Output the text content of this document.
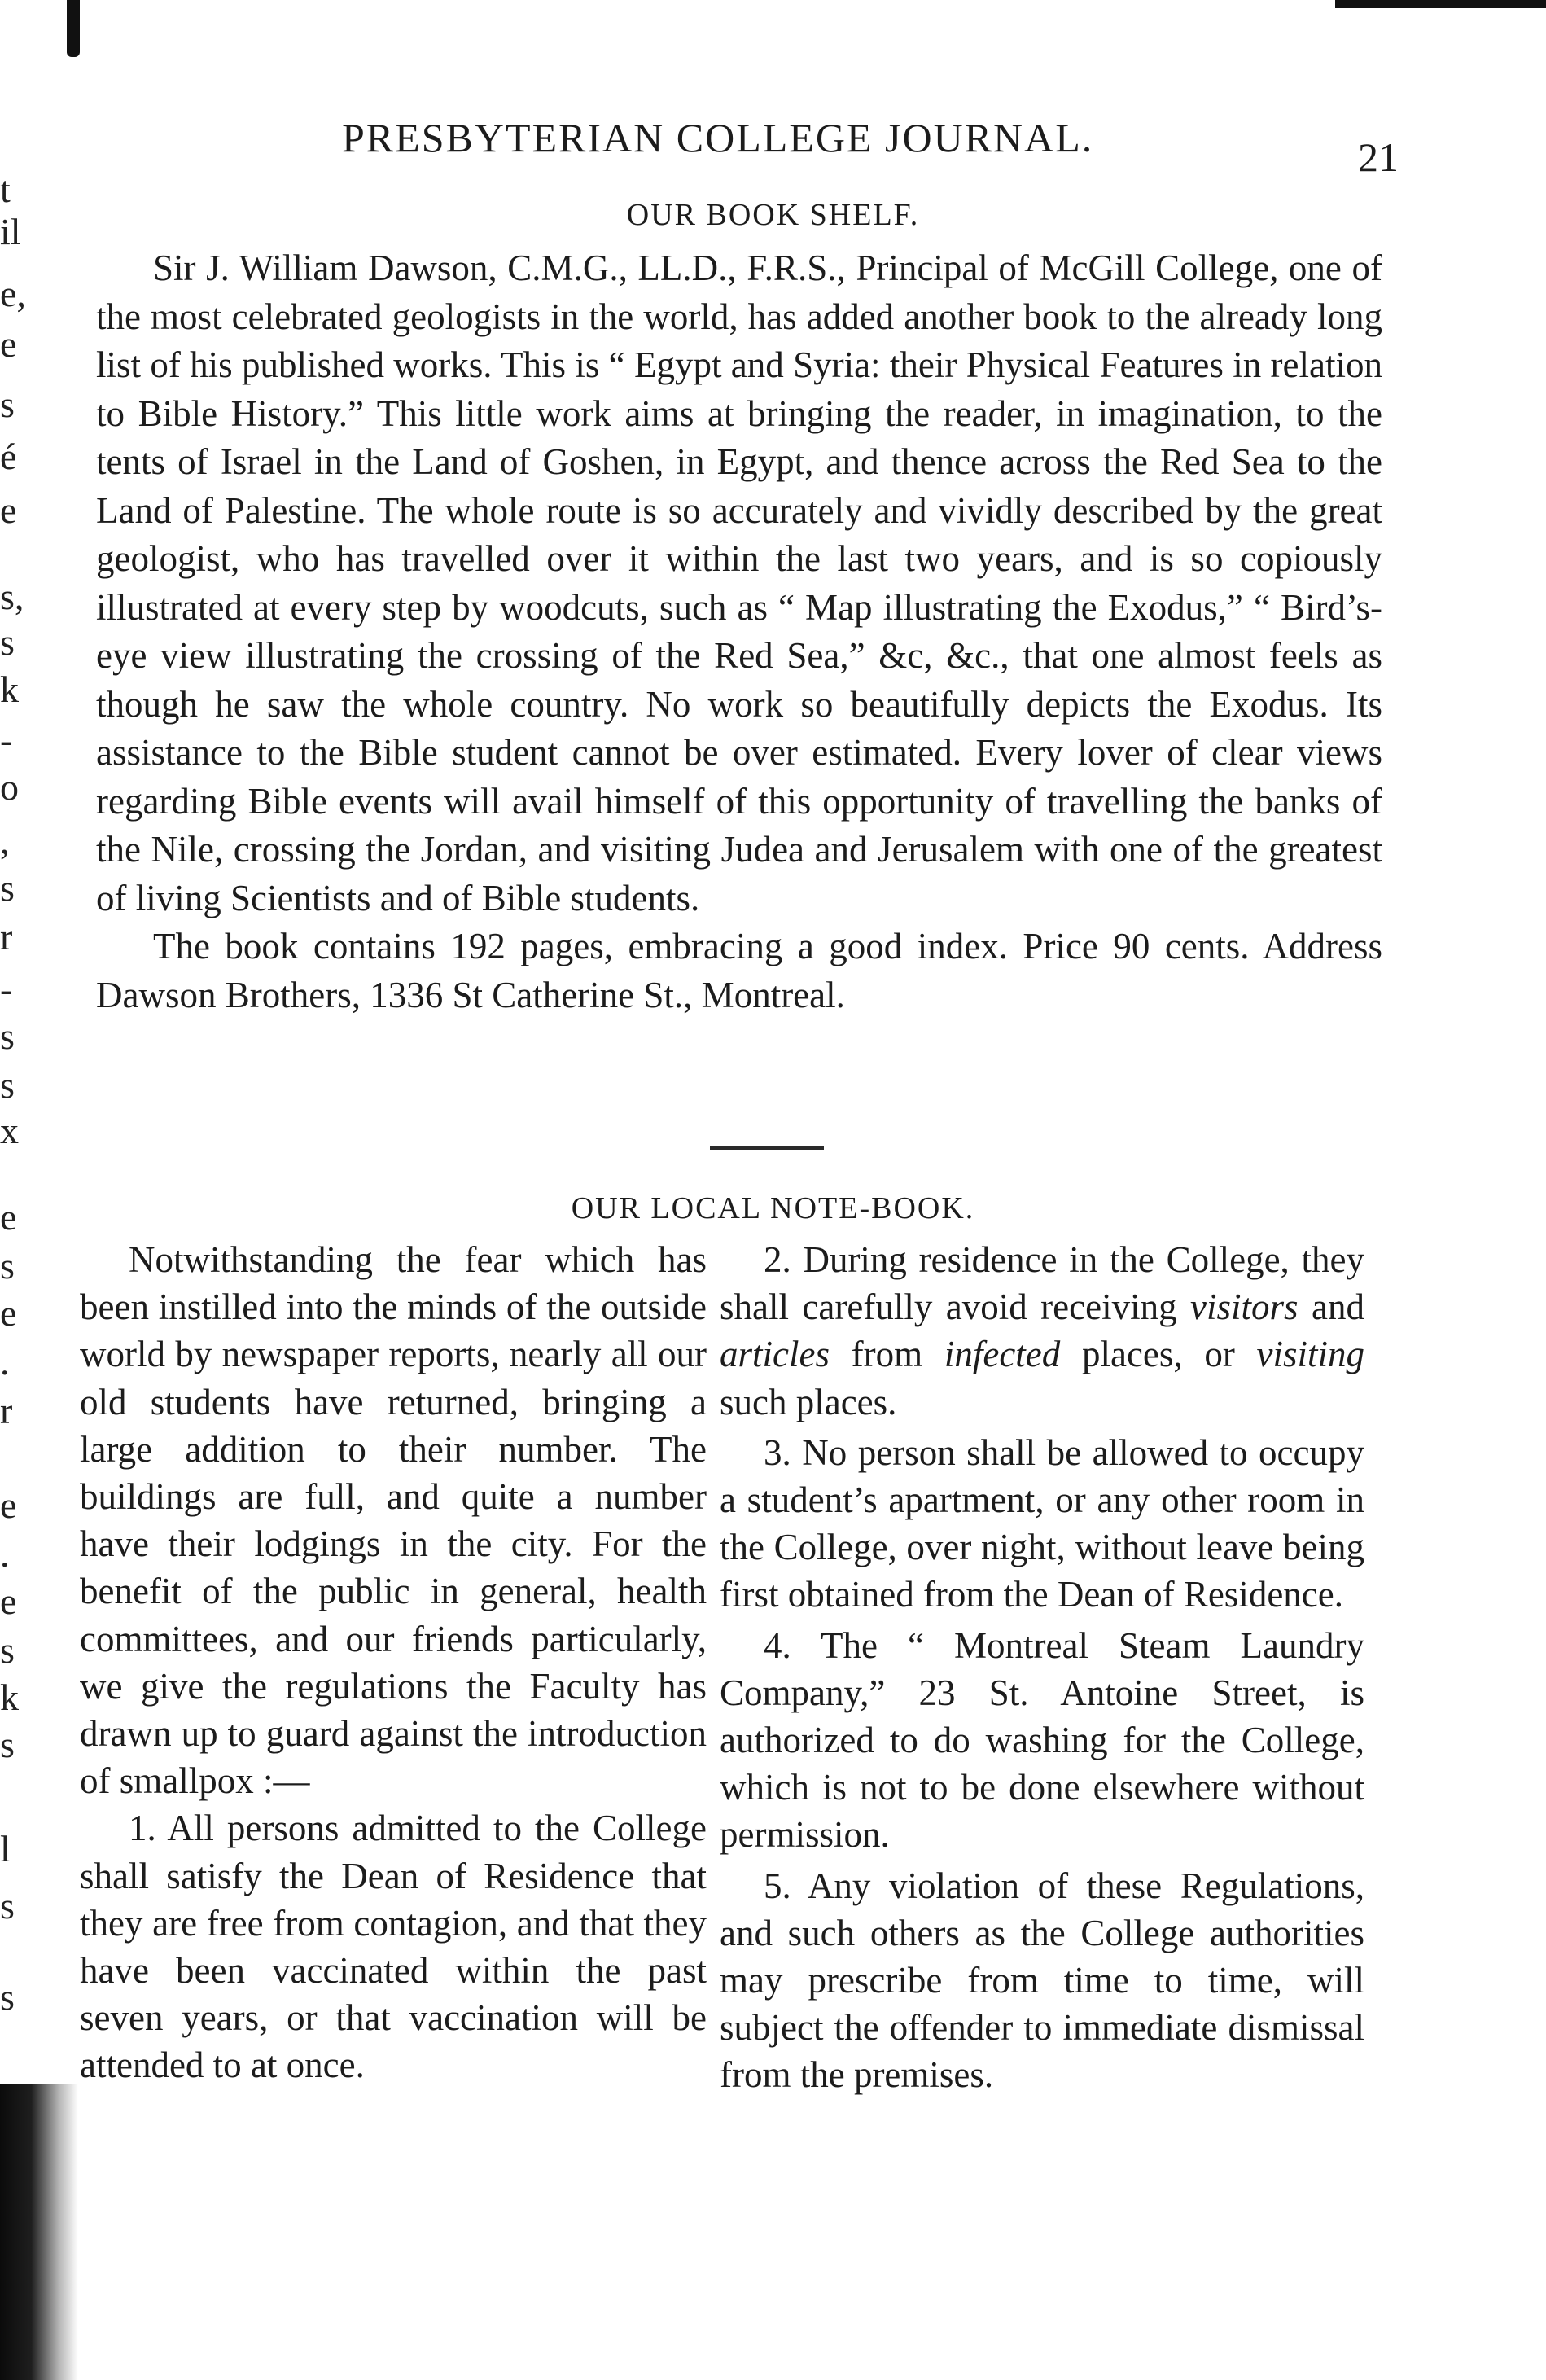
t
il
e,
e
s
é
e
s,
s
k
-
o
,
s
r
-
s
s
x
e
s
e
.
r
e
.
e
s
k
s
l
s
s
PRESBYTERIAN COLLEGE JOURNAL.	21
OUR BOOK SHELF.

Sir J. William Dawson, C.M.G., LL.D., F.R.S., Principal of McGill College, one of the most celebrated geologists in the world, has added another book to the already long list of his published works. This is “ Egypt and Syria: their Physical Features in relation to Bible History.” This little work aims at bringing the reader, in imagination, to the tents of Israel in the Land of Goshen, in Egypt, and thence across the Red Sea to the Land of Palestine. The whole route is so accurately and vividly described by the great geologist, who has travelled over it within the last two years, and is so copiously illustrated at every step by woodcuts, such as “ Map illustrating the Exodus,” “ Bird’s-eye view illustrating the crossing of the Red Sea,” &c, &c., that one almost feels as though he saw the whole country. No work so beautifully depicts the Exodus. Its assistance to the Bible student cannot be over estimated. Every lover of clear views regarding Bible events will avail himself of this opportunity of travelling the banks of the Nile, crossing the Jordan, and visiting Judea and Jerusalem with one of the greatest of living Scientists and of Bible students.

The book contains 192 pages, embracing a good index. Price 90 cents. Address Dawson Brothers, 1336 St Catherine St., Montreal.

OUR LOCAL NOTE-BOOK.

Notwithstanding the fear which has been instilled into the minds of the outside world by newspaper reports, nearly all our old students have returned, bringing a large addition to their number. The buildings are full, and quite a number have their lodgings in the city. For the benefit of the public in general, health committees, and our friends particularly, we give the regulations the Faculty has drawn up to guard against the introduction of smallpox :—

1. All persons admitted to the College shall satisfy the Dean of Residence that they are free from contagion, and that they have been vaccinated within the past seven years, or that vaccination will be attended to at once.

2. During residence in the College, they shall carefully avoid receiving visitors and articles from infected places, or visiting such places.

3. No person shall be allowed to occupy a student’s apartment, or any other room in the College, over night, without leave being first obtained from the Dean of Residence.

4. The “ Montreal Steam Laundry Company,” 23 St. Antoine Street, is authorized to do washing for the College, which is not to be done elsewhere without permission.

5. Any violation of these Regulations, and such others as the College authorities may prescribe from time to time, will subject the offender to immediate dismissal from the premises.
